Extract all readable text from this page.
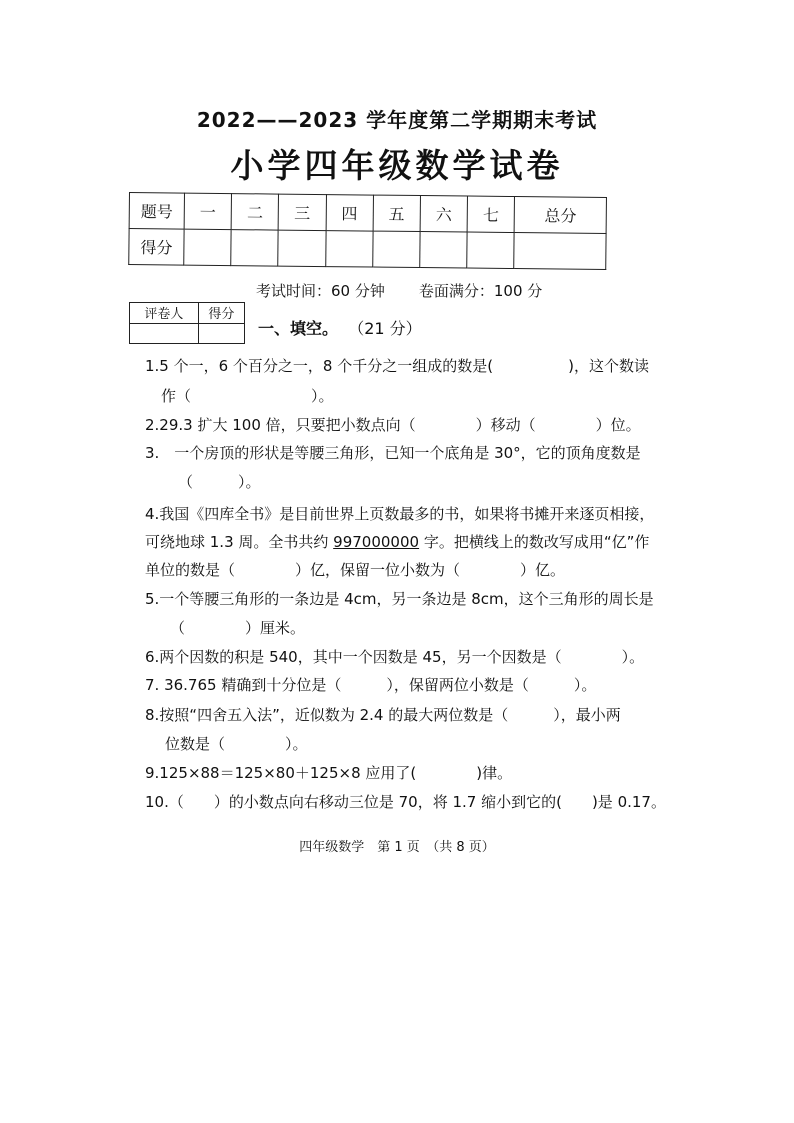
2022——2023 学年度第二学期期末考试
小学四年级数学试卷
题号	一	二	三	四	五	六	七	总分
得分								
考试时间：60 分钟 卷面满分：100 分
评卷人	得分

一、填空。 （21 分）
1.5 个一，6 个百分之一，8 个千分之一组成的数是(　　　　　)，这个数读
作（　　　　　　　　）。
2.29.3 扩大 100 倍，只要把小数点向（　　　　）移动（　　　　）位。
3.　一个房顶的形状是等腰三角形，已知一个底角是 30°，它的顶角度数是
（　　　）。
4.我国《四库全书》是目前世界上页数最多的书，如果将书摊开来逐页相接，
可绕地球 1.3 周。全书共约 997000000 字。把横线上的数改写成用“亿”作
单位的数是（　　　　）亿，保留一位小数为（　　　　）亿。
5.一个等腰三角形的一条边是 4cm，另一条边是 8cm，这个三角形的周长是
（　　　　）厘米。
6.两个因数的积是 540，其中一个因数是 45，另一个因数是（　　　　）。
7. 36.765 精确到十分位是（　　　），保留两位小数是（　　　）。
8.按照“四舍五入法”，近似数为 2.4 的最大两位数是（　　　），最小两
位数是（　　　　）。
9.125×88＝125×80＋125×8 应用了(　　　　)律。
10.（　　）的小数点向右移动三位是 70，将 1.7 缩小到它的(　　)是 0.17。
四年级数学　第 1 页　（共 8 页）
